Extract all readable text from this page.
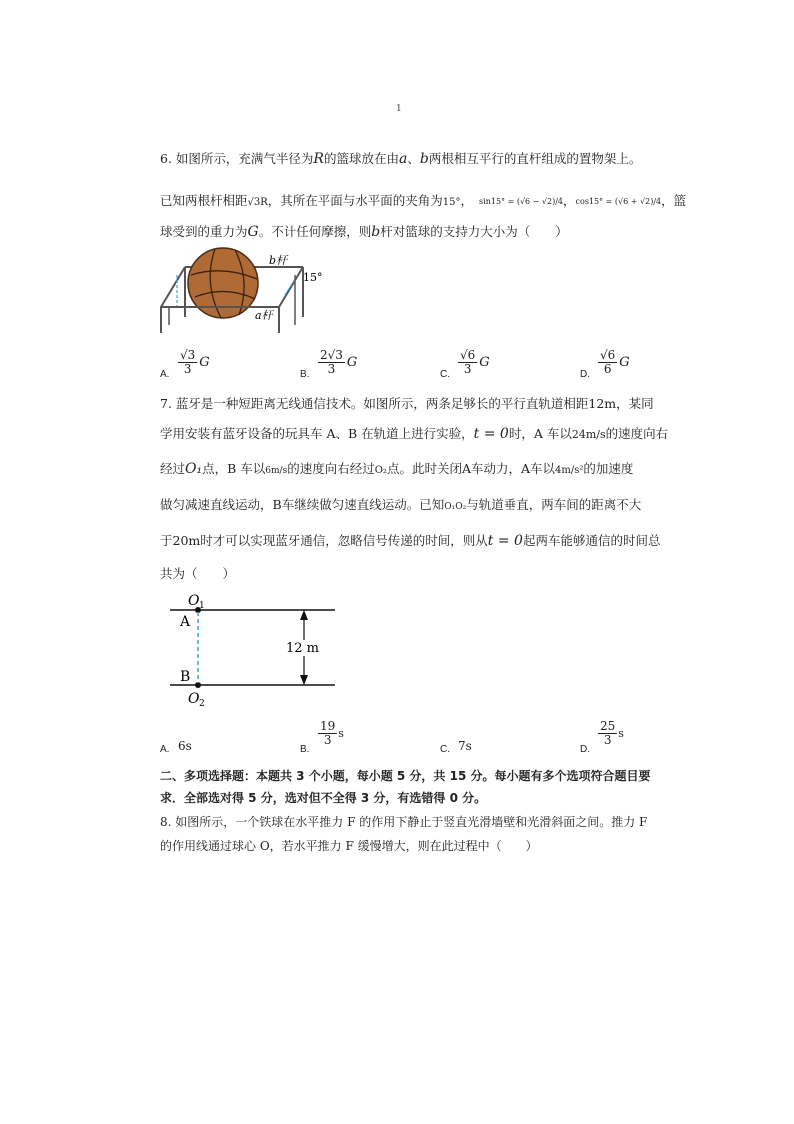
1
6. 如图所示，充满气半径为R的篮球放在由a、b两根相互平行的直杆组成的置物架上。
已知两根杆相距√3R，其所在平面与水平面的夹角为15°， sin15° = (√6 − √2)/4，cos15° = (√6 + √2)/4，篮
球受到的重力为G。不计任何摩擦，则b杆对篮球的支持力大小为（　　）
b杆
15°
a杆
A.
√3
3 G
B.
2√3
3 G
C.
√6
3 G
D.
√6
6 G
7. 蓝牙是一种短距离无线通信技术。如图所示，两条足够长的平行直轨道相距12m，某同
学用安装有蓝牙设备的玩具车 A、B 在轨道上进行实验，t = 0时，A 车以24m/s的速度向右
经过O₁点，B 车以6m/s的速度向右经过O₂点。此时关闭A车动力，A车以4m/s²的加速度
做匀减速直线运动，B车继续做匀速直线运动。已知O₁O₂与轨道垂直，两车间的距离不大
于20m时才可以实现蓝牙通信，忽略信号传递的时间，则从t = 0起两车能够通信的时间总
共为（　　）
O 1
A
B
O 2
12 m
A. 6s	B.
19
3 s
C. 7s	D.
25
3 s
二、多项选择题：本题共 3 个小题，每小题 5 分，共 15 分。每小题有多个选项符合题目要
求．全部选对得 5 分，选对但不全得 3 分，有选错得 0 分。
8. 如图所示，一个铁球在水平推力 F 的作用下静止于竖直光滑墙壁和光滑斜面之间。推力 F
的作用线通过球心 O，若水平推力 F 缓慢增大，则在此过程中（　　）
